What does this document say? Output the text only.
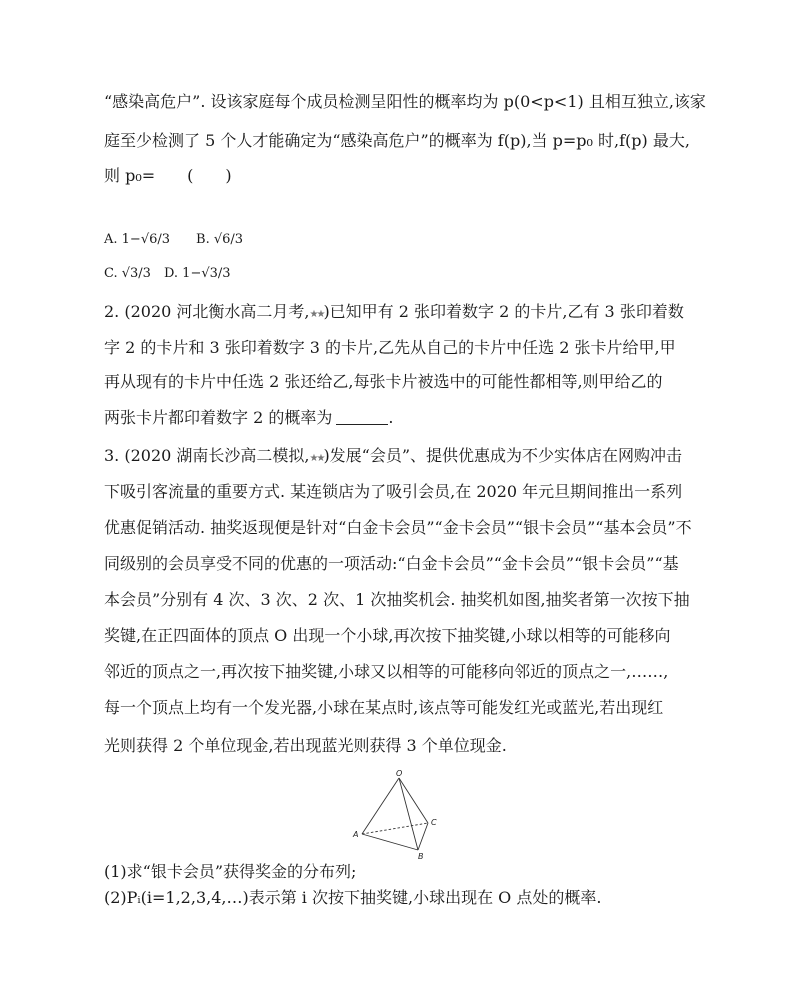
“感染高危户”. 设该家庭每个成员检测呈阳性的概率均为 p(0<p<1) 且相互独立,该家
庭至少检测了 5 个人才能确定为“感染高危户”的概率为 f(p),当 p=p₀ 时,f(p) 最大,
则 p₀=　　(　　)
A. 1−√6/3　　B. √6/3
C. √3/3　D. 1−√3/3
2. (2020 河北衡水高二月考,★★)已知甲有 2 张印着数字 2 的卡片,乙有 3 张印着数
字 2 的卡片和 3 张印着数字 3 的卡片,乙先从自己的卡片中任选 2 张卡片给甲,甲
再从现有的卡片中任选 2 张还给乙,每张卡片被选中的可能性都相等,则甲给乙的
两张卡片都印着数字 2 的概率为	.
3. (2020 湖南长沙高二模拟,★★)发展“会员”、提供优惠成为不少实体店在网购冲击
下吸引客流量的重要方式. 某连锁店为了吸引会员,在 2020 年元旦期间推出一系列
优惠促销活动. 抽奖返现便是针对“白金卡会员”“金卡会员”“银卡会员”“基本会员”不
同级别的会员享受不同的优惠的一项活动:“白金卡会员”“金卡会员”“银卡会员”“基
本会员”分别有 4 次、3 次、2 次、1 次抽奖机会. 抽奖机如图,抽奖者第一次按下抽
奖键,在正四面体的顶点 O 出现一个小球,再次按下抽奖键,小球以相等的可能移向
邻近的顶点之一,再次按下抽奖键,小球又以相等的可能移向邻近的顶点之一,……,
每一个顶点上均有一个发光器,小球在某点时,该点等可能发红光或蓝光,若出现红
光则获得 2 个单位现金,若出现蓝光则获得 3 个单位现金.
O
A
B
C
(1)求“银卡会员”获得奖金的分布列;
(2)Pᵢ(i=1,2,3,4,…)表示第 i 次按下抽奖键,小球出现在 O 点处的概率.
